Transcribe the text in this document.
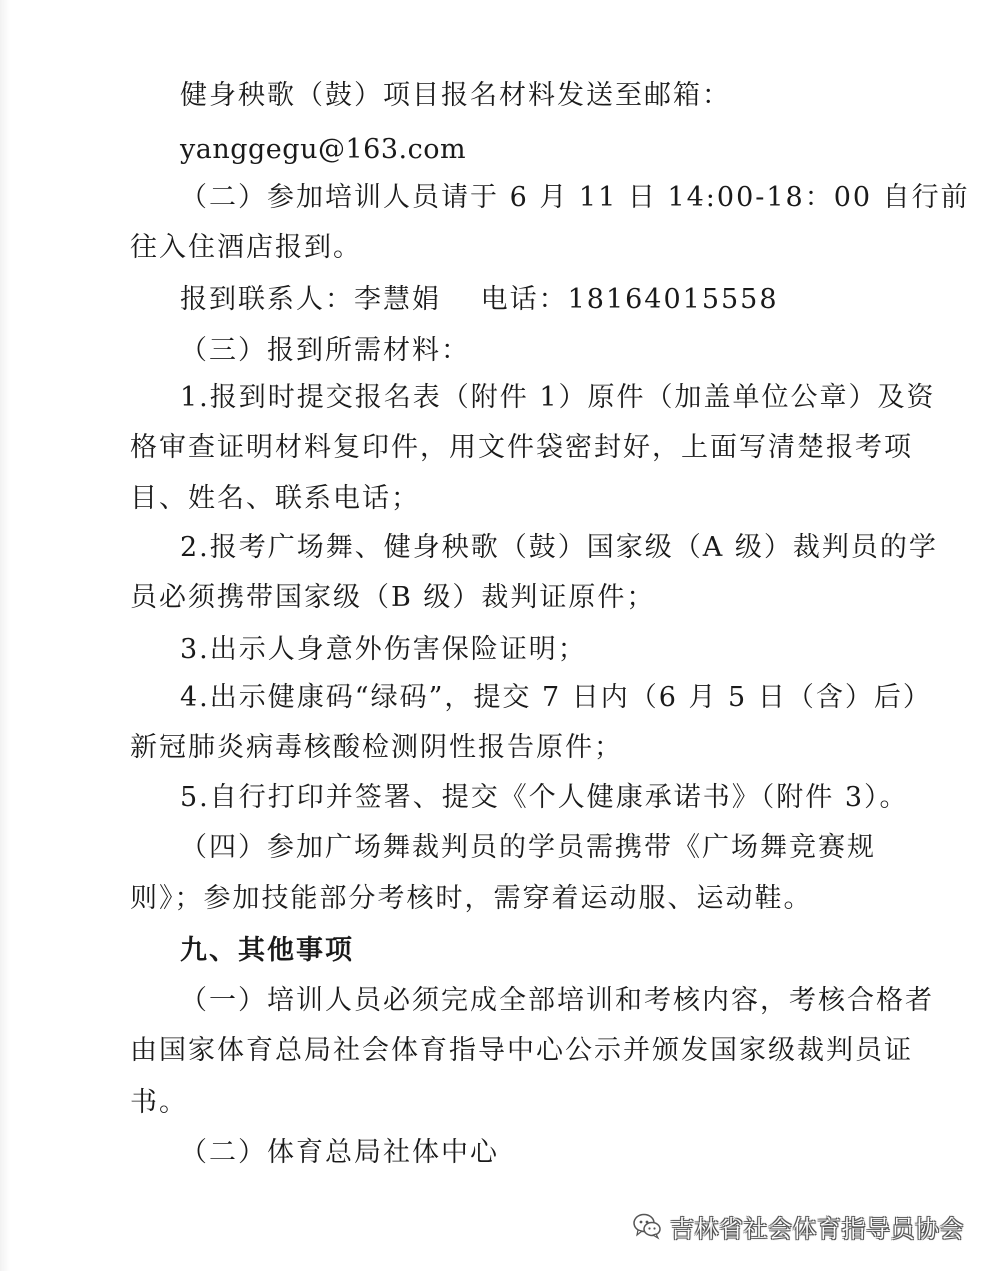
健身秧歌（鼓）项目报名材料发送至邮箱：
yanggegu@163.com
（二）参加培训人员请于 6 月 11 日 14:00-18：00 自行前
往入住酒店报到。
报到联系人：李慧娟　 电话：18164015558
（三）报到所需材料：
1.报到时提交报名表（附件 1）原件（加盖单位公章）及资
格审查证明材料复印件，用文件袋密封好，上面写清楚报考项
目、姓名、联系电话；
2.报考广场舞、健身秧歌（鼓）国家级（A 级）裁判员的学
员必须携带国家级（B 级）裁判证原件；
3.出示人身意外伤害保险证明；
4.出示健康码“绿码”，提交 7 日内（6 月 5 日（含）后）
新冠肺炎病毒核酸检测阴性报告原件；
5.自行打印并签署、提交《个人健康承诺书》（附件 3）。
（四）参加广场舞裁判员的学员需携带《广场舞竞赛规
则》；参加技能部分考核时，需穿着运动服、运动鞋。
九、其他事项
（一）培训人员必须完成全部培训和考核内容，考核合格者
由国家体育总局社会体育指导中心公示并颁发国家级裁判员证
书。
（二）体育总局社体中心
吉林省社会体育指导员协会
